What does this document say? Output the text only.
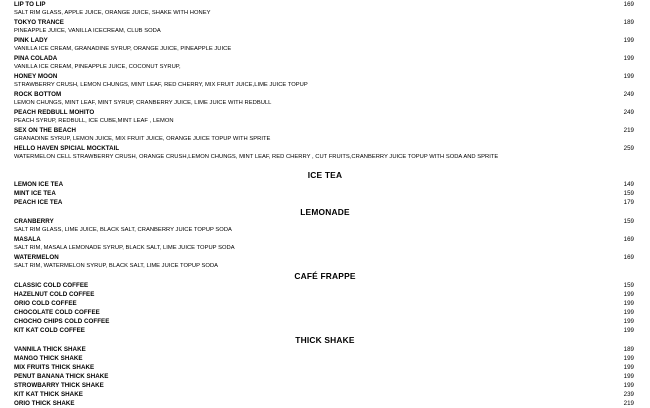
LIP TO LIP	169
SALT RIM GLASS, APPLE JUICE, ORANGE JUICE, SHAKE WITH HONEY
TOKYO TRANCE	189
PINEAPPLE JUICE, VANILLA ICECREAM, CLUB SODA
PINK LADY	199
VANILLA ICE CREAM, GRANADINE SYRUP, ORANGE JUICE, PINEAPPLE JUICE
PINA COLADA	199
VANILLA ICE CREAM, PINEAPPLE JUICE, COCONUT SYRUP,
HONEY MOON	199
STRAWBERRY CRUSH, LEMON CHUNGS, MINT LEAF, RED CHERRY, MIX FRUIT JUICE,LIME JUICE TOPUP
ROCK BOTTOM	249
LEMON CHUNGS, MINT LEAF, MINT SYRUP, CRANBERRY JUICE, LIME JUICE WITH REDBULL
PEACH REDBULL MOHITO	249
PEACH SYRUP, REDBULL, ICE CUBE,MINT LEAF , LEMON
SEX ON THE BEACH	219
GRANADINE SYRUP, LEMON JUICE, MIX FRUIT JUICE, ORANGE JUICE TOPUP WITH SPRITE
HELLO HAVEN SPICIAL MOCKTAIL	259
WATERMELON CELL STRAWBERRY CRUSH, ORANGE CRUSH,LEMON CHUNGS, MINT LEAF, RED CHERRY , CUT FRUITS,CRANBERRY JUICE TOPUP WITH SODA AND SPRITE
ICE TEA
LEMON ICE TEA	149
MINT ICE TEA	159
PEACH ICE TEA	179
LEMONADE
CRANBERRY	159
SALT RIM GLASS, LIME JUICE, BLACK SALT, CRANBERRY JUICE TOPUP SODA
MASALA	169
SALT RIM, MASALA LEMONADE SYRUP, BLACK SALT, LIME JUICE TOPUP SODA
WATERMELON	169
SALT RIM, WATERMELON SYRUP, BLACK SALT, LIME JUICE TOPUP SODA
CAFÉ FRAPPE
CLASSIC COLD COFFEE	159
HAZELNUT COLD COFFEE	199
ORIO COLD COFFEE	199
CHOCOLATE COLD COFFEE	199
CHOCHO CHIPS COLD COFFEE	199
KIT KAT COLD COFFEE	199
THICK SHAKE
VANNILA THICK SHAKE	189
MANGO THICK SHAKE	199
MIX FRUITS THICK SHAKE	199
PENUT BANANA THICK SHAKE	199
STROWBARRY THICK SHAKE	199
KIT KAT THICK SHAKE	239
ORIO THICK SHAKE	219
